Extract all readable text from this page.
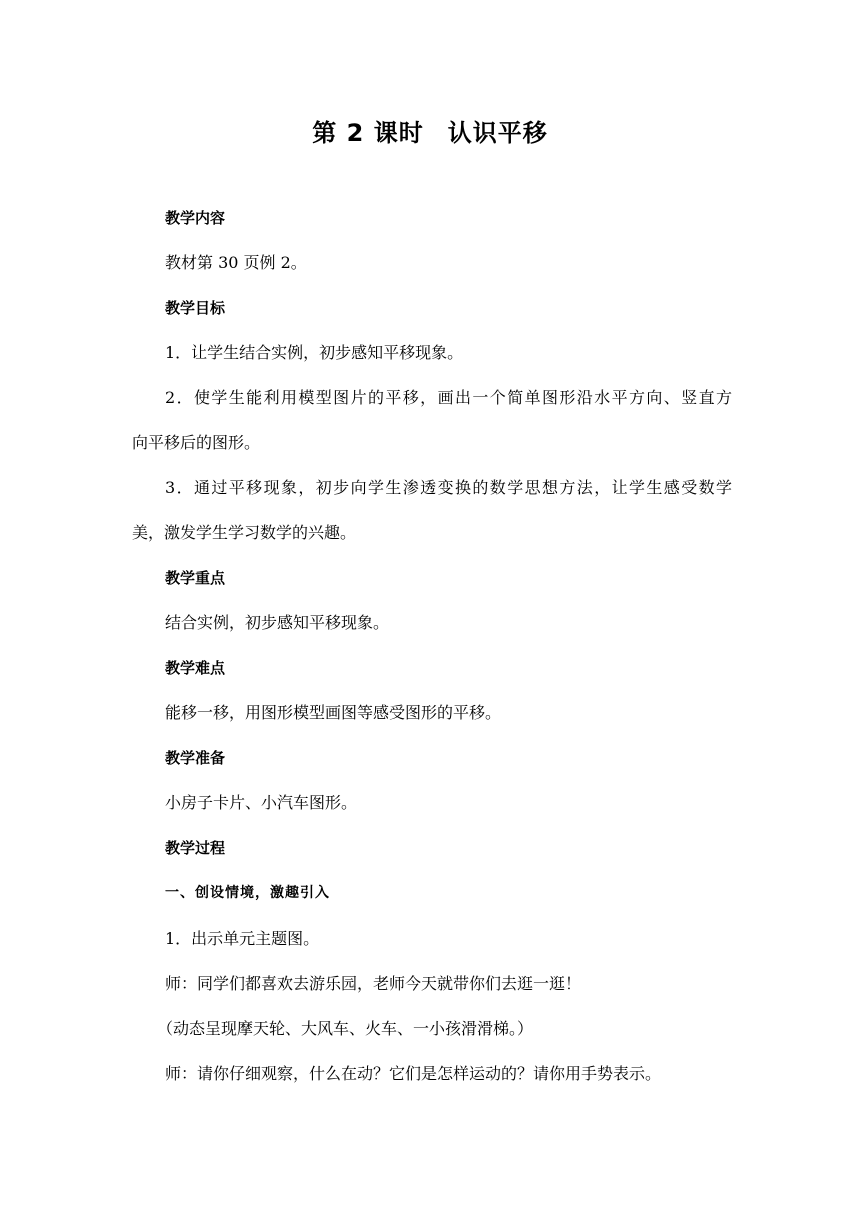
第 2 课时 认识平移
教学内容
教材第 30 页例 2。
教学目标
1．让学生结合实例，初步感知平移现象。
2．使学生能利用模型图片的平移，画出一个简单图形沿水平方向、竖直方
向平移后的图形。
3．通过平移现象，初步向学生渗透变换的数学思想方法，让学生感受数学
美，激发学生学习数学的兴趣。
教学重点
结合实例，初步感知平移现象。
教学难点
能移一移，用图形模型画图等感受图形的平移。
教学准备
小房子卡片、小汽车图形。
教学过程
一、创设情境，激趣引入
1．出示单元主题图。
师：同学们都喜欢去游乐园，老师今天就带你们去逛一逛！
（动态呈现摩天轮、大风车、火车、一小孩滑滑梯。）
师：请你仔细观察，什么在动？它们是怎样运动的？请你用手势表示。
